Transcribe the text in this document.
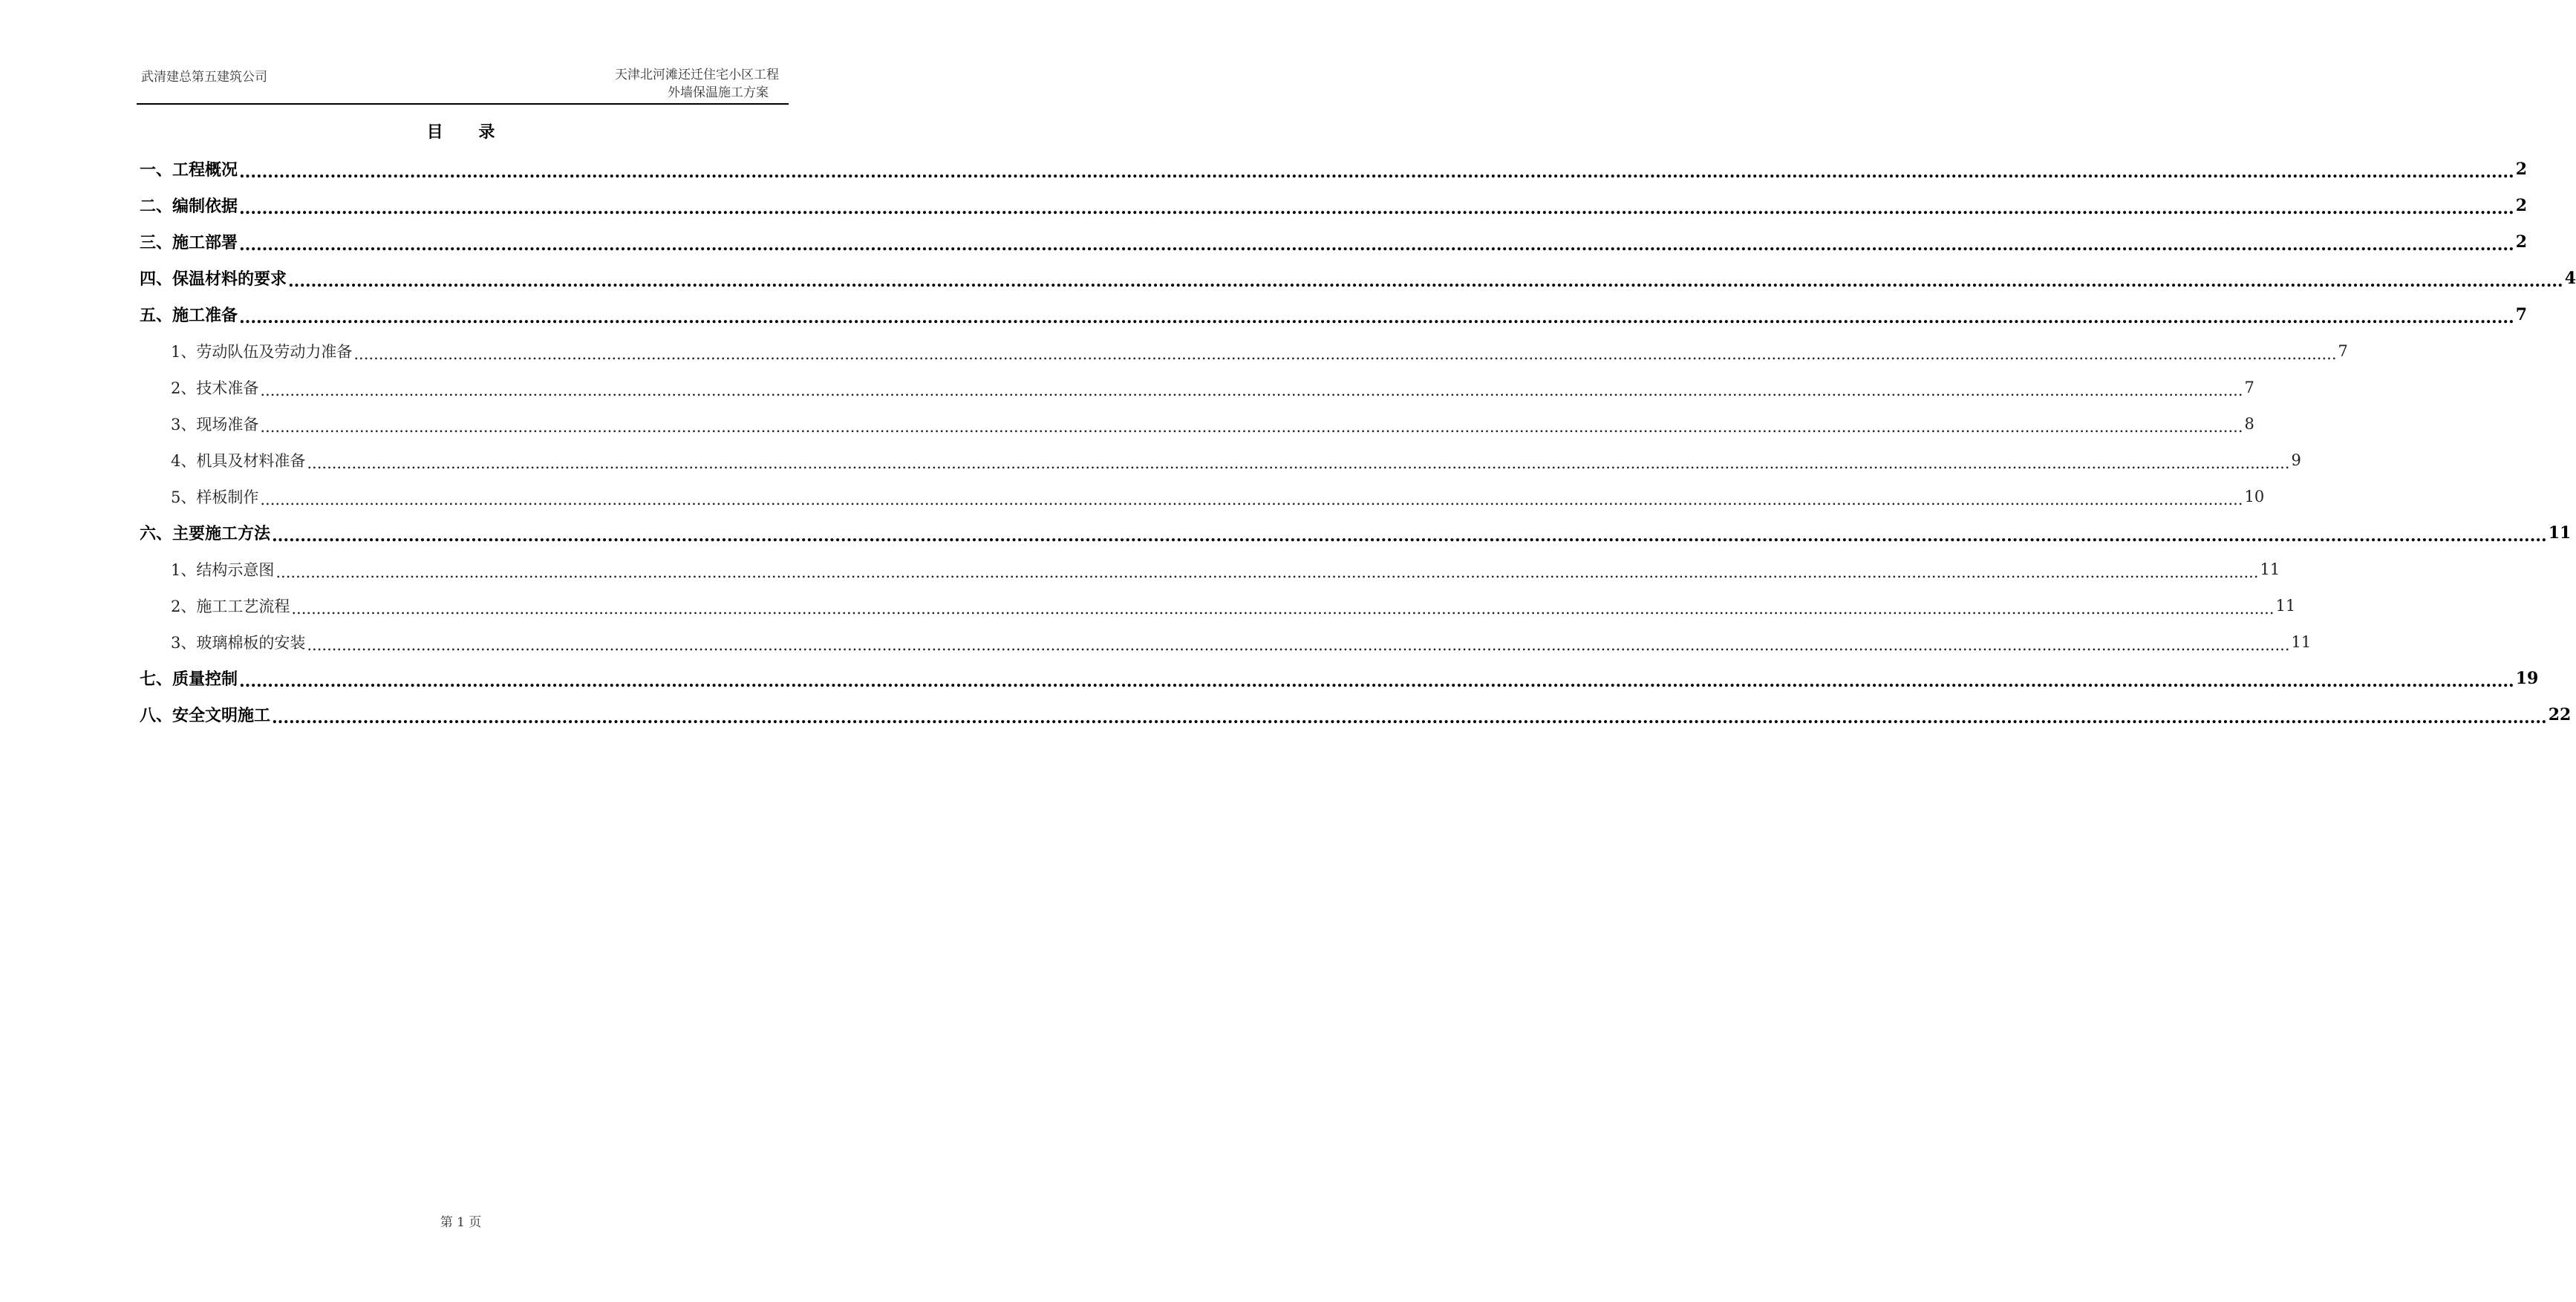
武清建总第五建筑公司	天津北河滩还迁住宅小区工程
外墙保温施工方案
目 录
一、工程概况 ................................................................................................................................................................................................................................................................................................................................................................................................................ 2
二、编制依据 ................................................................................................................................................................................................................................................................................................................................................................................................................ 2
三、施工部署 ................................................................................................................................................................................................................................................................................................................................................................................................................ 2
四、保温材料的要求 ................................................................................................................................................................................................................................................................................................................................................................................................................ 4
五、施工准备 ................................................................................................................................................................................................................................................................................................................................................................................................................ 7
1、劳动队伍及劳动力准备 ................................................................................................................................................................................................................................................................................................................................................................................................................ 7
2、技术准备 ................................................................................................................................................................................................................................................................................................................................................................................................................ 7
3、现场准备 ................................................................................................................................................................................................................................................................................................................................................................................................................ 8
4、机具及材料准备 ................................................................................................................................................................................................................................................................................................................................................................................................................ 9
5、样板制作 ................................................................................................................................................................................................................................................................................................................................................................................................................ 10
六、主要施工方法 ................................................................................................................................................................................................................................................................................................................................................................................................................ 11
1、结构示意图 ................................................................................................................................................................................................................................................................................................................................................................................................................ 11
2、施工工艺流程 ................................................................................................................................................................................................................................................................................................................................................................................................................ 11
3、玻璃棉板的安装 ................................................................................................................................................................................................................................................................................................................................................................................................................ 11
七、质量控制 ................................................................................................................................................................................................................................................................................................................................................................................................................ 19
八、安全文明施工 ................................................................................................................................................................................................................................................................................................................................................................................................................ 22
第 1 页
